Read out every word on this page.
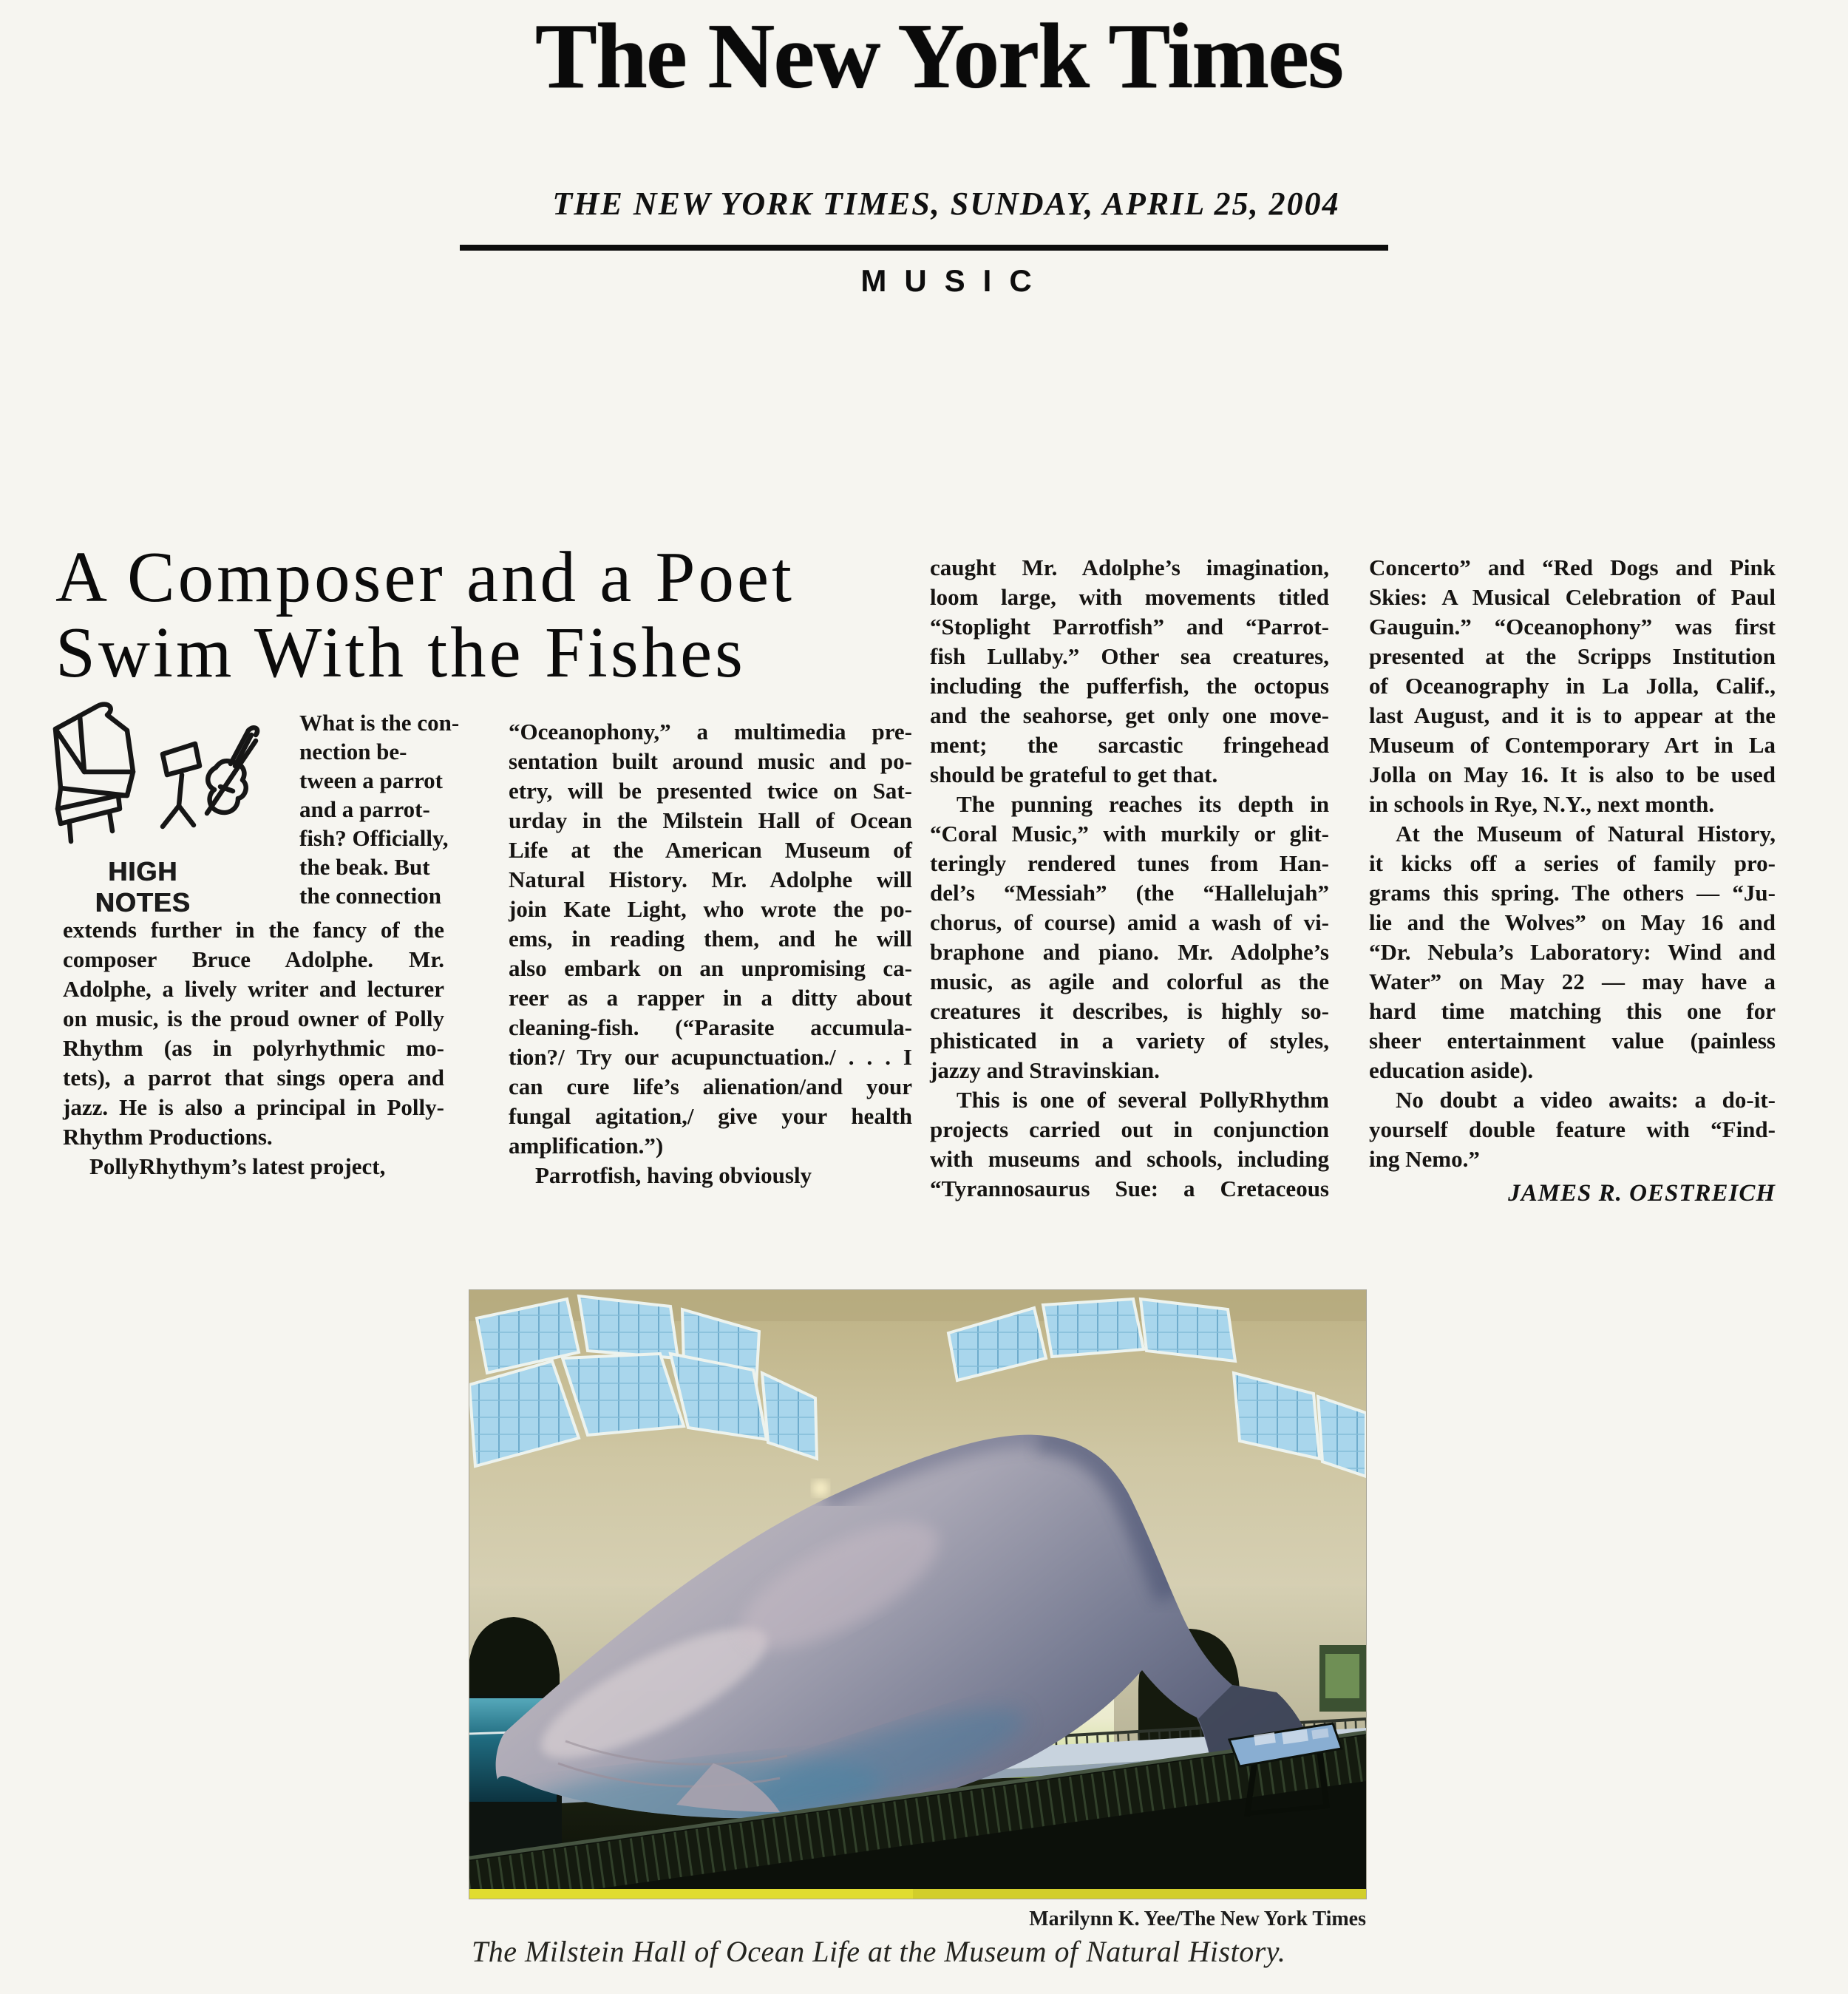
The New York Times
THE NEW YORK TIMES, SUNDAY, APRIL 25, 2004
MUSIC
A Composer and a Poet
Swim With the Fishes
HIGH NOTES
What is the con-
nection be-
tween a parrot
and a parrot-
fish? Officially,
the beak. But
the connection
extends further in the fancy of the
composer Bruce Adolphe. Mr.
Adolphe, a lively writer and lecturer
on music, is the proud owner of Polly
Rhythm (as in polyrhythmic mo-
tets), a parrot that sings opera and
jazz. He is also a principal in Polly-
Rhythm Productions.
PollyRhythym’s latest project,
“Oceanophony,” a multimedia pre-
sentation built around music and po-
etry, will be presented twice on Sat-
urday in the Milstein Hall of Ocean
Life at the American Museum of
Natural History. Mr. Adolphe will
join Kate Light, who wrote the po-
ems, in reading them, and he will
also embark on an unpromising ca-
reer as a rapper in a ditty about
cleaning-fish. (“Parasite accumula-
tion?/ Try our acupunctuation./ . . . I
can cure life’s alienation/and your
fungal agitation,/ give your health
amplification.”)
Parrotfish, having obviously
caught Mr. Adolphe’s imagination,
loom large, with movements titled
“Stoplight Parrotfish” and “Parrot-
fish Lullaby.” Other sea creatures,
including the pufferfish, the octopus
and the seahorse, get only one move-
ment; the sarcastic fringehead
should be grateful to get that.
The punning reaches its depth in
“Coral Music,” with murkily or glit-
teringly rendered tunes from Han-
del’s “Messiah” (the “Hallelujah”
chorus, of course) amid a wash of vi-
braphone and piano. Mr. Adolphe’s
music, as agile and colorful as the
creatures it describes, is highly so-
phisticated in a variety of styles,
jazzy and Stravinskian.
This is one of several PollyRhythm
projects carried out in conjunction
with museums and schools, including
“Tyrannosaurus Sue: a Cretaceous
Concerto” and “Red Dogs and Pink
Skies: A Musical Celebration of Paul
Gauguin.” “Oceanophony” was first
presented at the Scripps Institution
of Oceanography in La Jolla, Calif.,
last August, and it is to appear at the
Museum of Contemporary Art in La
Jolla on May 16. It is also to be used
in schools in Rye, N.Y., next month.
At the Museum of Natural History,
it kicks off a series of family pro-
grams this spring. The others — “Ju-
lie and the Wolves” on May 16 and
“Dr. Nebula’s Laboratory: Wind and
Water” on May 22 — may have a
hard time matching this one for
sheer entertainment value (painless
education aside).
No doubt a video awaits: a do-it-
yourself double feature with “Find-
ing Nemo.”
JAMES R. OESTREICH
Marilynn K. Yee/The New York Times
The Milstein Hall of Ocean Life at the Museum of Natural History.
